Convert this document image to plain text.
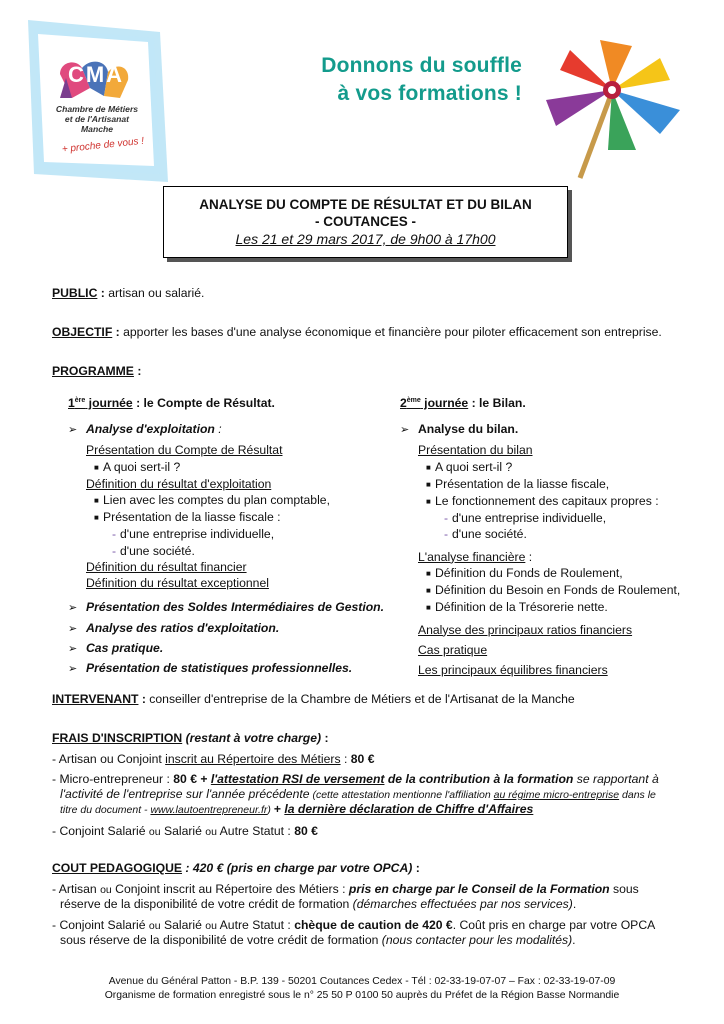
CMA
Chambre de Métiers
et de l'Artisanat
Manche
+ proche de vous !
Donnons du souffle
à vos formations !
ANALYSE DU COMPTE DE RÉSULTAT ET DU BILAN
- COUTANCES -
Les 21 et 29 mars 2017, de 9h00 à 17h00
PUBLIC : artisan ou salarié.
OBJECTIF : apporter les bases d'une analyse économique et financière pour piloter efficacement son entreprise.
PROGRAMME :
1ère journée : le Compte de Résultat.
➢ Analyse d'exploitation :
Présentation du Compte de Résultat
■ A quoi sert-il ?
Définition du résultat d'exploitation
■ Lien avec les comptes du plan comptable,
■ Présentation de la liasse fiscale :
- d'une entreprise individuelle,
- d'une société.
Définition du résultat financier
Définition du résultat exceptionnel
➢ Présentation des Soldes Intermédiaires de Gestion.
➢ Analyse des ratios d'exploitation.
➢ Cas pratique.
➢ Présentation de statistiques professionnelles.
2ème journée : le Bilan.
➢ Analyse du bilan.
Présentation du bilan
■ A quoi sert-il ?
■ Présentation de la liasse fiscale,
■ Le fonctionnement des capitaux propres :
- d'une entreprise individuelle,
- d'une société.
L'analyse financière :
■ Définition du Fonds de Roulement,
■ Définition du Besoin en Fonds de Roulement,
■ Définition de la Trésorerie nette.
Analyse des principaux ratios financiers
Cas pratique
Les principaux équilibres financiers
INTERVENANT : conseiller d'entreprise de la Chambre de Métiers et de l'Artisanat de la Manche
FRAIS D'INSCRIPTION (restant à votre charge) :
- Artisan ou Conjoint inscrit au Répertoire des Métiers : 80 €
- Micro-entrepreneur : 80 € + l'attestation RSI de versement de la contribution à la formation se rapportant à l'activité de l'entreprise sur l'année précédente (cette attestation mentionne l'affiliation au régime micro-entreprise dans le titre du document - www.lautoentrepreneur.fr) + la dernière déclaration de Chiffre d'Affaires
- Conjoint Salarié ou Salarié ou Autre Statut : 80 €
COUT PEDAGOGIQUE : 420 € (pris en charge par votre OPCA) :
- Artisan ou Conjoint inscrit au Répertoire des Métiers : pris en charge par le Conseil de la Formation sous réserve de la disponibilité de votre crédit de formation (démarches effectuées par nos services).
- Conjoint Salarié ou Salarié ou Autre Statut : chèque de caution de 420 €. Coût pris en charge par votre OPCA sous réserve de la disponibilité de votre crédit de formation (nous contacter pour les modalités).
Avenue du Général Patton - B.P. 139 - 50201 Coutances Cedex - Tél : 02-33-19-07-07 – Fax : 02-33-19-07-09
Organisme de formation enregistré sous le n° 25 50 P 0100 50 auprès du Préfet de la Région Basse Normandie
